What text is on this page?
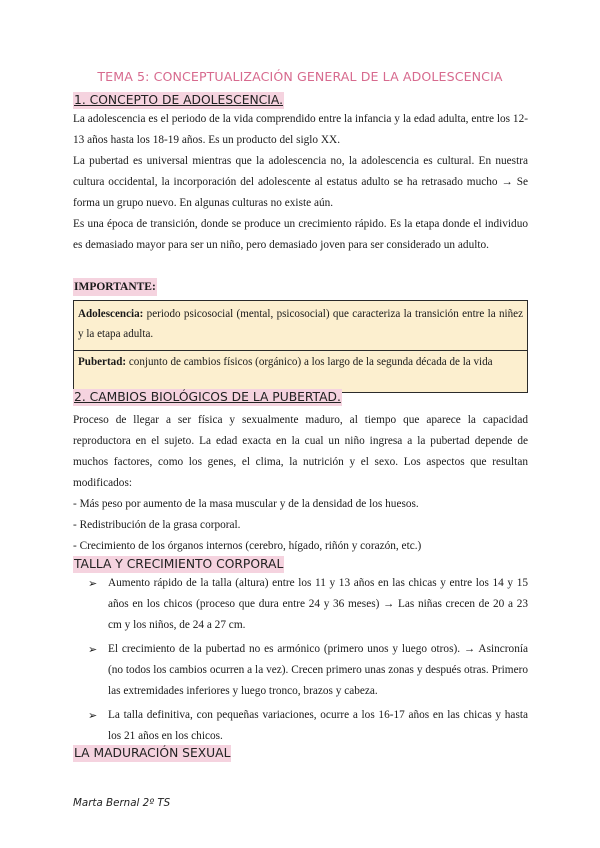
TEMA 5: CONCEPTUALIZACIÓN GENERAL DE LA ADOLESCENCIA
1. CONCEPTO DE ADOLESCENCIA.
La adolescencia es el periodo de la vida comprendido entre la infancia y la edad adulta, entre los 12-13 años hasta los 18-19 años. Es un producto del siglo XX.
La pubertad es universal mientras que la adolescencia no, la adolescencia es cultural. En nuestra cultura occidental, la incorporación del adolescente al estatus adulto se ha retrasado mucho → Se forma un grupo nuevo. En algunas culturas no existe aún.
Es una época de transición, donde se produce un crecimiento rápido. Es la etapa donde el individuo es demasiado mayor para ser un niño, pero demasiado joven para ser considerado un adulto.
IMPORTANTE:
Adolescencia: periodo psicosocial (mental, psicosocial) que caracteriza la transición entre la niñez y la etapa adulta.
Pubertad: conjunto de cambios físicos (orgánico) a los largo de la segunda década de la vida
2. CAMBIOS BIOLÓGICOS DE LA PUBERTAD.
Proceso de llegar a ser física y sexualmente maduro, al tiempo que aparece la capacidad reproductora en el sujeto. La edad exacta en la cual un niño ingresa a la pubertad depende de muchos factores, como los genes, el clima, la nutrición y el sexo. Los aspectos que resultan modificados:
- Más peso por aumento de la masa muscular y de la densidad de los huesos.
- Redistribución de la grasa corporal.
- Crecimiento de los órganos internos (cerebro, hígado, riñón y corazón, etc.)
TALLA Y CRECIMIENTO CORPORAL
➢ Aumento rápido de la talla (altura) entre los 11 y 13 años en las chicas y entre los 14 y 15 años en los chicos (proceso que dura entre 24 y 36 meses) → Las niñas crecen de 20 a 23 cm y los niños, de 24 a 27 cm.
➢ El crecimiento de la pubertad no es armónico (primero unos y luego otros). → Asincronía (no todos los cambios ocurren a la vez). Crecen primero unas zonas y después otras. Primero las extremidades inferiores y luego tronco, brazos y cabeza.
➢ La talla definitiva, con pequeñas variaciones, ocurre a los 16-17 años en las chicas y hasta los 21 años en los chicos.
LA MADURACIÓN SEXUAL
Marta Bernal 2º TS
